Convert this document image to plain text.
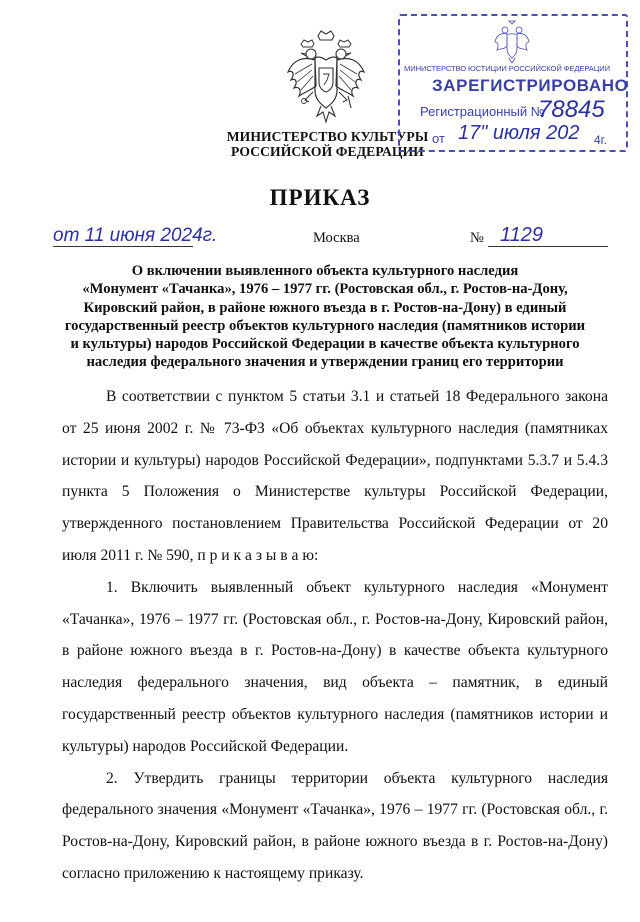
МИНИСТЕРСТВО КУЛЬТУРЫ
РОССИЙСКОЙ ФЕДЕРАЦИИ
МИНИСТЕРСТВО ЮСТИЦИИ РОССИЙСКОЙ ФЕДЕРАЦИИ
ЗАРЕГИСТРИРОВАНО
Регистрационный №
78845
от 17" июля 202 4г.
ПРИКАЗ
от 11 июня 2024г.	Москва	№ 1129
О включении выявленного объекта культурного наследия
«Монумент «Тачанка», 1976 – 1977 гг. (Ростовская обл., г. Ростов-на-Дону,
Кировский район, в районе южного въезда в г. Ростов-на-Дону) в единый
государственный реестр объектов культурного наследия (памятников истории
и культуры) народов Российской Федерации в качестве объекта культурного
наследия федерального значения и утверждении границ его территории

В соответствии с пунктом 5 статьи 3.1 и статьей 18 Федерального закона от 25 июня 2002 г. № 73-ФЗ «Об объектах культурного наследия (памятниках истории и культуры) народов Российской Федерации», подпунктами 5.3.7 и 5.4.3 пункта 5 Положения о Министерстве культуры Российской Федерации, утвержденного постановлением Правительства Российской Федерации от 20 июля 2011 г. № 590, п р и к а з ы в а ю:

1. Включить выявленный объект культурного наследия «Монумент «Тачанка», 1976 – 1977 гг. (Ростовская обл., г. Ростов-на-Дону, Кировский район, в районе южного въезда в г. Ростов-на-Дону) в качестве объекта культурного наследия федерального значения, вид объекта – памятник, в единый государственный реестр объектов культурного наследия (памятников истории и культуры) народов Российской Федерации.

2. Утвердить границы территории объекта культурного наследия федерального значения «Монумент «Тачанка», 1976 – 1977 гг. (Ростовская обл., г. Ростов-на-Дону, Кировский район, в районе южного въезда в г. Ростов-на-Дону) согласно приложению к настоящему приказу.
